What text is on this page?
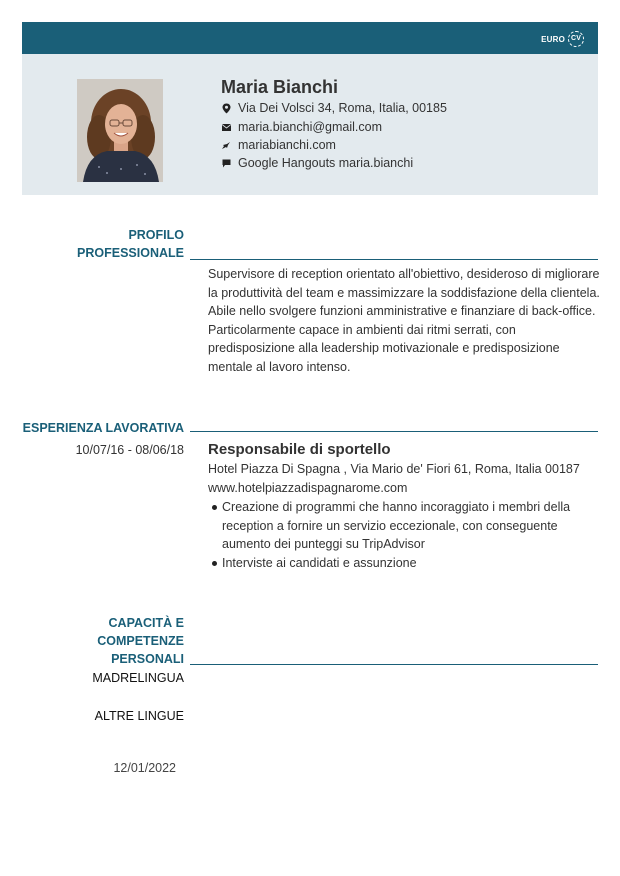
EURO CV
Maria Bianchi
Via Dei Volsci 34, Roma, Italia, 00185
maria.bianchi@gmail.com
mariabianchi.com
Google Hangouts maria.bianchi
PROFILO
PROFESSIONALE
Supervisore di reception orientato all'obiettivo, desideroso di migliorare
la produttività del team e massimizzare la soddisfazione della clientela.
Abile nello svolgere funzioni amministrative e finanziare di back-office.
Particolarmente capace in ambienti dai ritmi serrati, con
predisposizione alla leadership motivazionale e predisposizione
mentale al lavoro intenso.
ESPERIENZA LAVORATIVA
10/07/16 - 08/06/18 Responsabile di sportello
Hotel Piazza Di Spagna , Via Mario de' Fiori 61, Roma, Italia 00187
www.hotelpiazzadispagnarome.com
Creazione di programmi che hanno incoraggiato i membri della reception a fornire un servizio eccezionale, con conseguente aumento dei punteggi su TripAdvisor
Interviste ai candidati e assunzione
CAPACITÀ E
COMPETENZE
PERSONALI
MADRELINGUA
ALTRE LINGUE
12/01/2022
